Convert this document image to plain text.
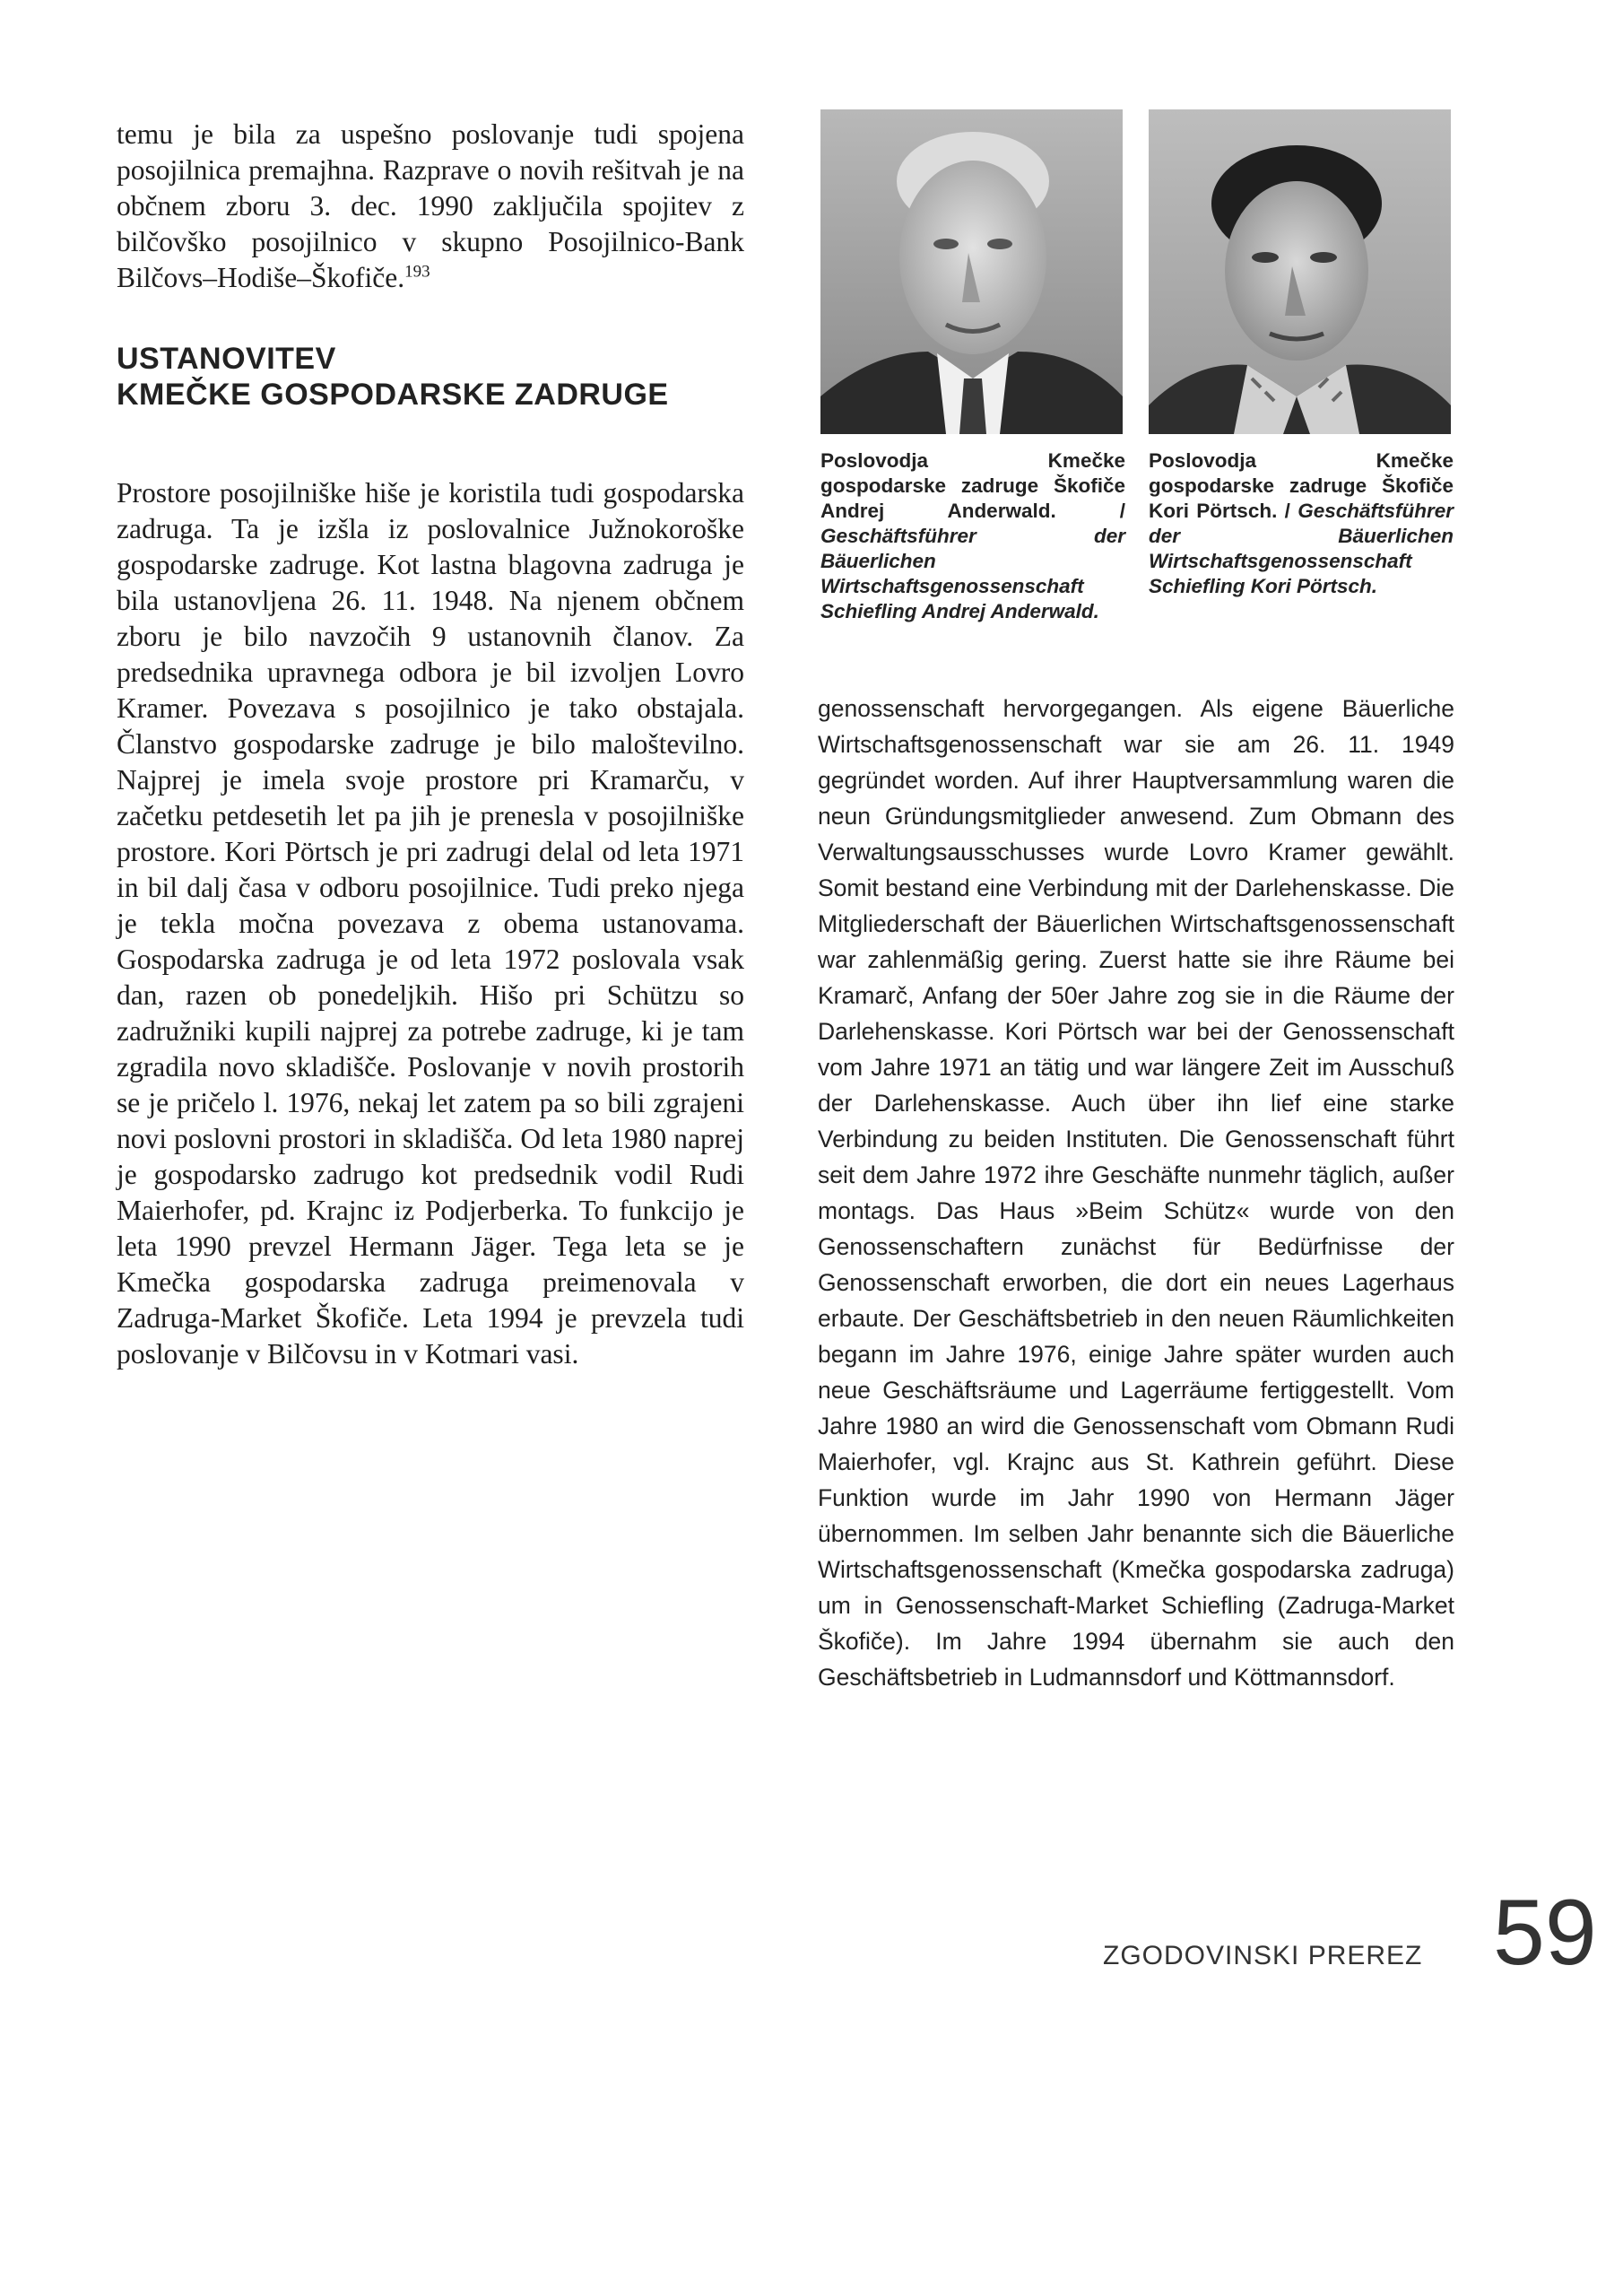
temu je bila za uspešno poslovanje tudi spojena posojilnica premajhna. Razprave o novih rešitvah je na občnem zboru 3. dec. 1990 zaključila spojitev z bilčovško posojilnico v skupno Posojilnico-Bank Bilčovs–Hodiše–Škofiče.$^{193}$

USTANOVITEV
KMEČKE GOSPODARSKE ZADRUGE

Prostore posojilniške hiše je koristila tudi gospodarska zadruga. Ta je izšla iz poslovalnice Južnokoroške gospodarske zadruge. Kot lastna blagovna zadruga je bila ustanovljena 26. 11. 1948. Na njenem občnem zboru je bilo navzočih 9 ustanovnih članov. Za predsednika upravnega odbora je bil izvoljen Lovro Kramer. Povezava s posojilnico je tako obstajala. Članstvo gospodarske zadruge je bilo maloštevilno. Najprej je imela svoje prostore pri Kramarču, v začetku petdesetih let pa jih je prenesla v posojilniške prostore. Kori Pörtsch je pri zadrugi delal od leta 1971 in bil dalj časa v odboru posojilnice. Tudi preko njega je tekla močna povezava z obema ustanovama. Gospodarska zadruga je od leta 1972 poslovala vsak dan, razen ob ponedeljkih. Hišo pri Schützu so zadružniki kupili najprej za potrebe zadruge, ki je tam zgradila novo skladišče. Poslovanje v novih prostorih se je pričelo l. 1976, nekaj let zatem pa so bili zgrajeni novi poslovni prostori in skladišča. Od leta 1980 naprej je gospodarsko zadrugo kot predsednik vodil Rudi Maierhofer, pd. Krajnc iz Podjerberka. To funkcijo je leta 1990 prevzel Hermann Jäger. Tega leta se je Kmečka gospodarska zadruga preimenovala v Zadruga-Market Škofiče. Leta 1994 je prevzela tudi poslovanje v Bilčovsu in v Kotmari vasi.

Poslovodja Kmečke gospodarske zadruge Škofiče Andrej Anderwald. / Geschäftsführer der Bäuerlichen Wirtschaftsgenossenschaft Schiefling Andrej Anderwald.

Poslovodja Kmečke gospodarske zadruge Škofiče Kori Pörtsch. / Geschäftsführer der Bäuerlichen Wirtschaftsgenossenschaft Schiefling Kori Pörtsch.

genossenschaft hervorgegangen. Als eigene Bäuerliche Wirtschaftsgenossenschaft war sie am 26. 11. 1949 gegründet worden. Auf ihrer Hauptversammlung waren die neun Gründungsmitglieder anwesend. Zum Obmann des Verwaltungsausschusses wurde Lovro Kramer gewählt. Somit bestand eine Verbindung mit der Darlehenskasse. Die Mitgliederschaft der Bäuerlichen Wirtschaftsgenossenschaft war zahlenmäßig gering. Zuerst hatte sie ihre Räume bei Kramarč, Anfang der 50er Jahre zog sie in die Räume der Darlehenskasse. Kori Pörtsch war bei der Genossenschaft vom Jahre 1971 an tätig und war längere Zeit im Ausschuß der Darlehenskasse. Auch über ihn lief eine starke Verbindung zu beiden Instituten. Die Genossenschaft führt seit dem Jahre 1972 ihre Geschäfte nunmehr täglich, außer montags. Das Haus »Beim Schütz« wurde von den Genossenschaftern zunächst für Bedürfnisse der Genossenschaft erworben, die dort ein neues Lagerhaus erbaute. Der Geschäftsbetrieb in den neuen Räumlichkeiten begann im Jahre 1976, einige Jahre später wurden auch neue Geschäftsräume und Lagerräume fertiggestellt. Vom Jahre 1980 an wird die Genossenschaft vom Obmann Rudi Maierhofer, vgl. Krajnc aus St. Kathrein geführt. Diese Funktion wurde im Jahr 1990 von Hermann Jäger übernommen. Im selben Jahr benannte sich die Bäuerliche Wirtschaftsgenossenschaft (Kmečka gospodarska zadruga) um in Genossenschaft-Market Schiefling (Zadruga-Market Škofiče). Im Jahre 1994 übernahm sie auch den Geschäftsbetrieb in Ludmannsdorf und Köttmannsdorf.

ZGODOVINSKI PREREZ 59
